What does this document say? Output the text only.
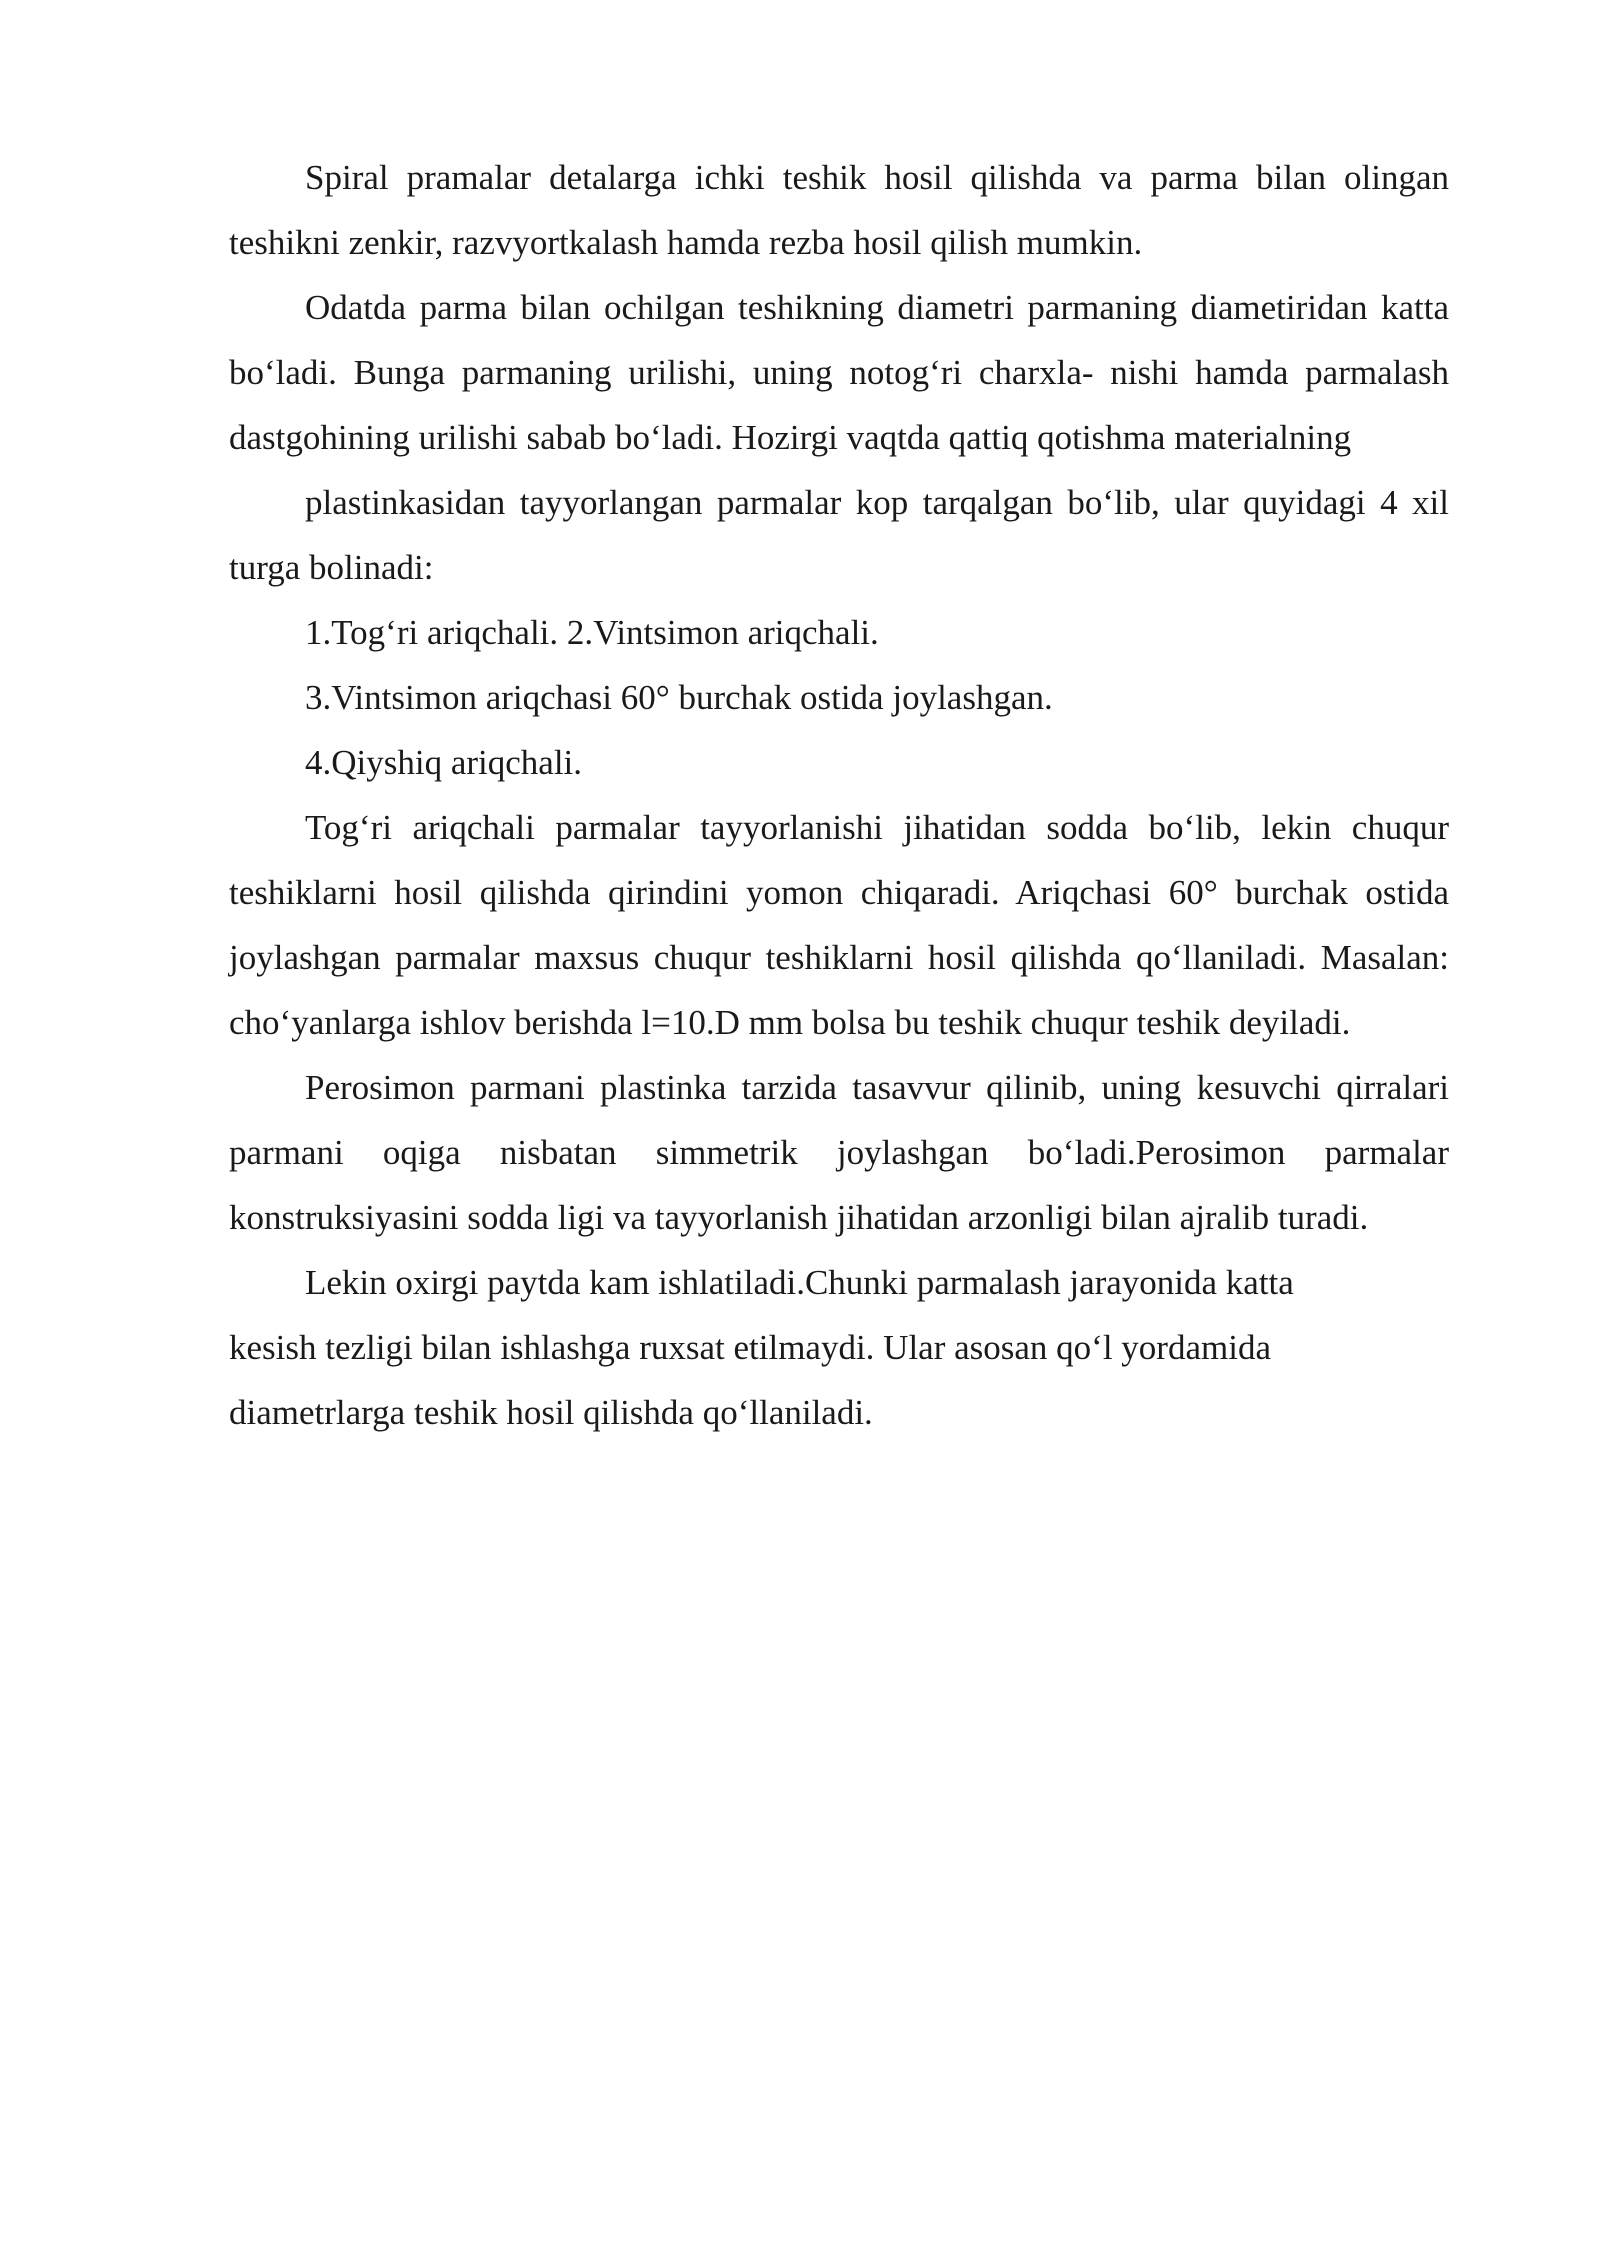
Spiral pramalar detalarga ichki teshik hosil qilishda va parma bilan olingan teshikni zenkir, razvyortkalash hamda rezba hosil qilish mumkin.

Odatda parma bilan ochilgan teshikning diametri parmaning diametiridan katta bo‘ladi. Bunga parmaning urilishi, uning notog‘ri charxla- nishi hamda parmalash dastgohining urilishi sabab bo‘ladi. Hozirgi vaqtda qattiq qotishma materialning

plastinkasidan tayyorlangan parmalar kop tarqalgan bo‘lib, ular quyidagi 4 xil turga bolinadi:

1.Tog‘ri ariqchali. 2.Vintsimon ariqchali.

3.Vintsimon ariqchasi 60° burchak ostida joylashgan.

4.Qiyshiq ariqchali.

Tog‘ri ariqchali parmalar tayyorlanishi jihatidan sodda bo‘lib, lekin chuqur teshiklarni hosil qilishda qirindini yomon chiqaradi. Ariqchasi 60° burchak ostida joylashgan parmalar maxsus chuqur teshiklarni hosil qilishda qo‘llaniladi. Masalan: cho‘yanlarga ishlov berishda l=10.D mm bolsa bu teshik chuqur teshik deyiladi.

Perosimon parmani plastinka tarzida tasavvur qilinib, uning kesuvchi qirralari parmani oqiga nisbatan simmetrik joylashgan bo‘ladi.Perosimon parmalar konstruksiyasini sodda ligi va tayyorlanish jihatidan arzonligi bilan ajralib turadi.

Lekin oxirgi paytda kam ishlatiladi.Chunki parmalash jarayonida katta
kesish tezligi bilan ishlashga ruxsat etilmaydi. Ular asosan qo‘l yordamida
diametrlarga teshik hosil qilishda qo‘llaniladi.
